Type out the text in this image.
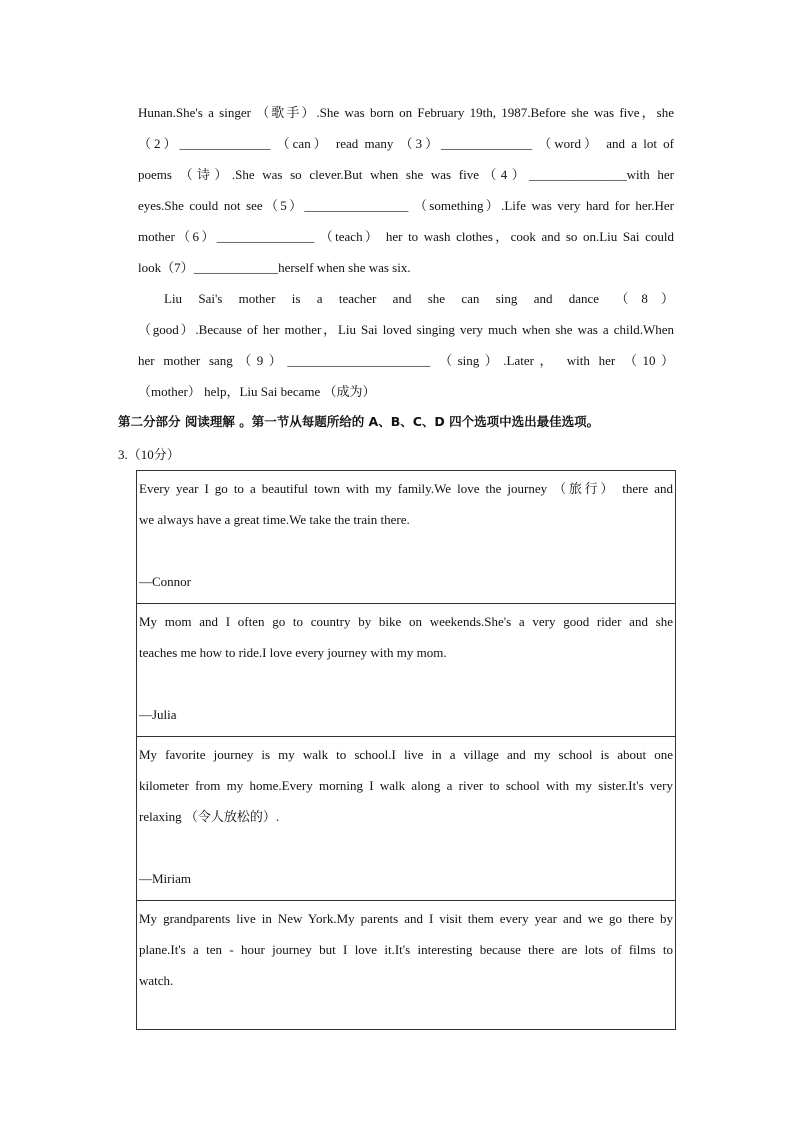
Hunan.She's a singer （歌手）.She was born on February 19th, 1987.Before she was five，she
（2）______________ （can） read many （3）______________ （word） and a lot of
poems （诗）.She was so clever.But when she was five（4）_______________with her
eyes.She could not see（5）________________ （something）.Life was very hard for her.Her
mother（6）_______________ （teach） her to wash clothes，cook and so on.Liu Sai could
look（7）_____________herself when she was six.
Liu Sai's mother is a teacher and she can sing and dance （8）
（good）.Because of her mother，Liu Sai loved singing very much when she was a child.When
her mother sang（9）______________________ （sing）.Later， with her （10）
（mother） help，Liu Sai became （成为）
第二分部分 阅读理解 。第一节从每题所给的 A、B、C、D 四个选项中选出最佳选项。
3.（10分）
Every year I go to a beautiful town with my family.We love the journey （旅行） there and
we always have a great time.We take the train there.
—Connor

My mom and I often go to country by bike on weekends.She's a very good rider and she
teaches me how to ride.I love every journey with my mom.
—Julia

My favorite journey is my walk to school.I live in a village and my school is about one
kilometer from my home.Every morning I walk along a river to school with my sister.It's very
relaxing （令人放松的）.
—Miriam

My grandparents live in New York.My parents and I visit them every year and we go there by
plane.It's a ten - hour journey but I love it.It's interesting because there are lots of films to
watch.
